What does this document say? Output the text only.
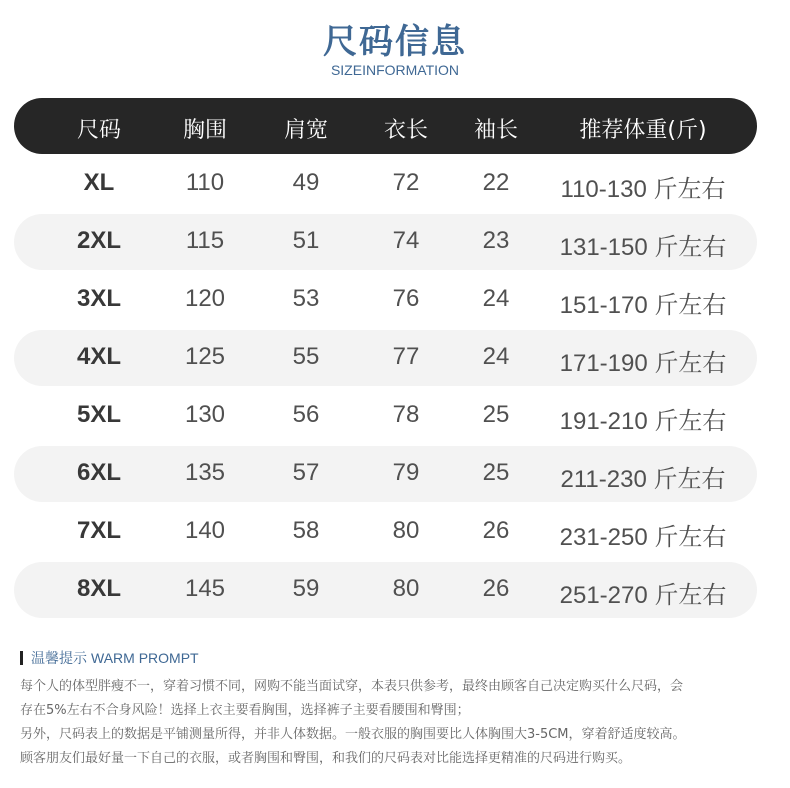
尺码信息
SIZEINFORMATION
尺码	胸围	肩宽	衣长	袖长	推荐体重(斤)
XL	110	49	72	22	110-130 斤左右
2XL	115	51	74	23	131-150 斤左右
3XL	120	53	76	24	151-170 斤左右
4XL	125	55	77	24	171-190 斤左右
5XL	130	56	78	25	191-210 斤左右
6XL	135	57	79	25	211-230 斤左右
7XL	140	58	80	26	231-250 斤左右
8XL	145	59	80	26	251-270 斤左右
温馨提示 WARM PROMPT

每个人的体型胖瘦不一，穿着习惯不同，网购不能当面试穿，本表只供参考，最终由顾客自己决定购买什么尺码，会

存在5%左右不合身风险！选择上衣主要看胸围，选择裤子主要看腰围和臀围；

另外，尺码表上的数据是平铺测量所得，并非人体数据。一般衣服的胸围要比人体胸围大3-5CM，穿着舒适度较高。

顾客朋友们最好量一下自己的衣服，或者胸围和臀围，和我们的尺码表对比能选择更精准的尺码进行购买。
